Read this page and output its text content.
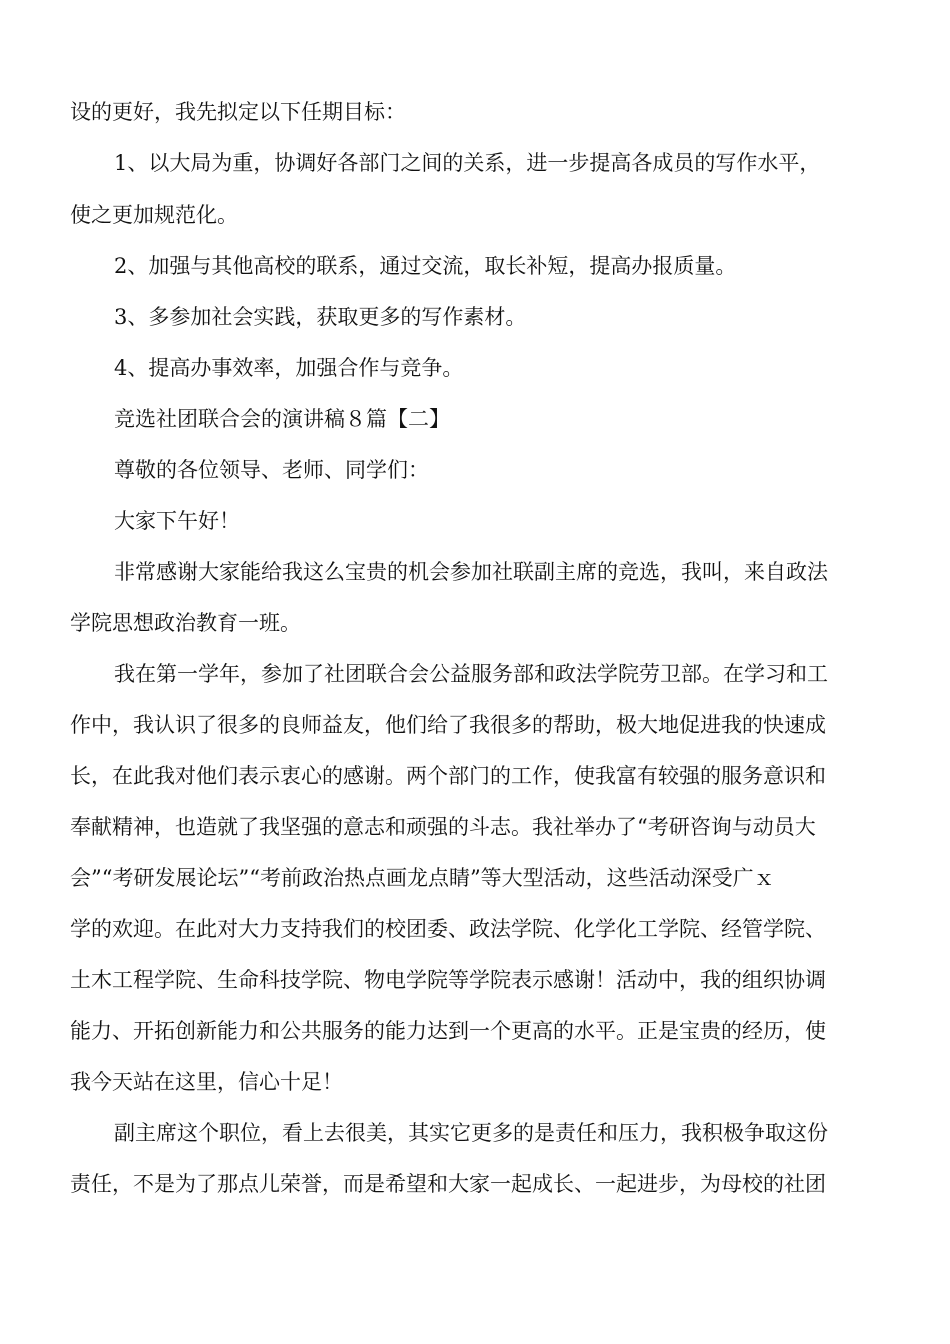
设的更好，我先拟定以下任期目标：
1、以大局为重，协调好各部门之间的关系，进一步提高各成员的写作水平，
使之更加规范化。
2、加强与其他高校的联系，通过交流，取长补短，提高办报质量。
3、多参加社会实践，获取更多的写作素材。
4、提高办事效率，加强合作与竞争。
竞选社团联合会的演讲稿８篇【二】
尊敬的各位领导、老师、同学们：
大家下午好！
非常感谢大家能给我这么宝贵的机会参加社联副主席的竞选，我叫，来自政法
学院思想政治教育一班。
我在第一学年，参加了社团联合会公益服务部和政法学院劳卫部。在学习和工
作中，我认识了很多的良师益友，他们给了我很多的帮助，极大地促进我的快速成
长，在此我对他们表示衷心的感谢。两个部门的工作，使我富有较强的服务意识和
奉献精神，也造就了我坚强的意志和顽强的斗志。我社举办了“考研咨询与动员大
会”“考研发展论坛”“考前政治热点画龙点睛”等大型活动，这些活动深受广ｘ
学的欢迎。在此对大力支持我们的校团委、政法学院、化学化工学院、经管学院、
土木工程学院、生命科技学院、物电学院等学院表示感谢！活动中，我的组织协调
能力、开拓创新能力和公共服务的能力达到一个更高的水平。正是宝贵的经历，使
我今天站在这里，信心十足！
副主席这个职位，看上去很美，其实它更多的是责任和压力，我积极争取这份
责任，不是为了那点儿荣誉，而是希望和大家一起成长、一起进步，为母校的社团
